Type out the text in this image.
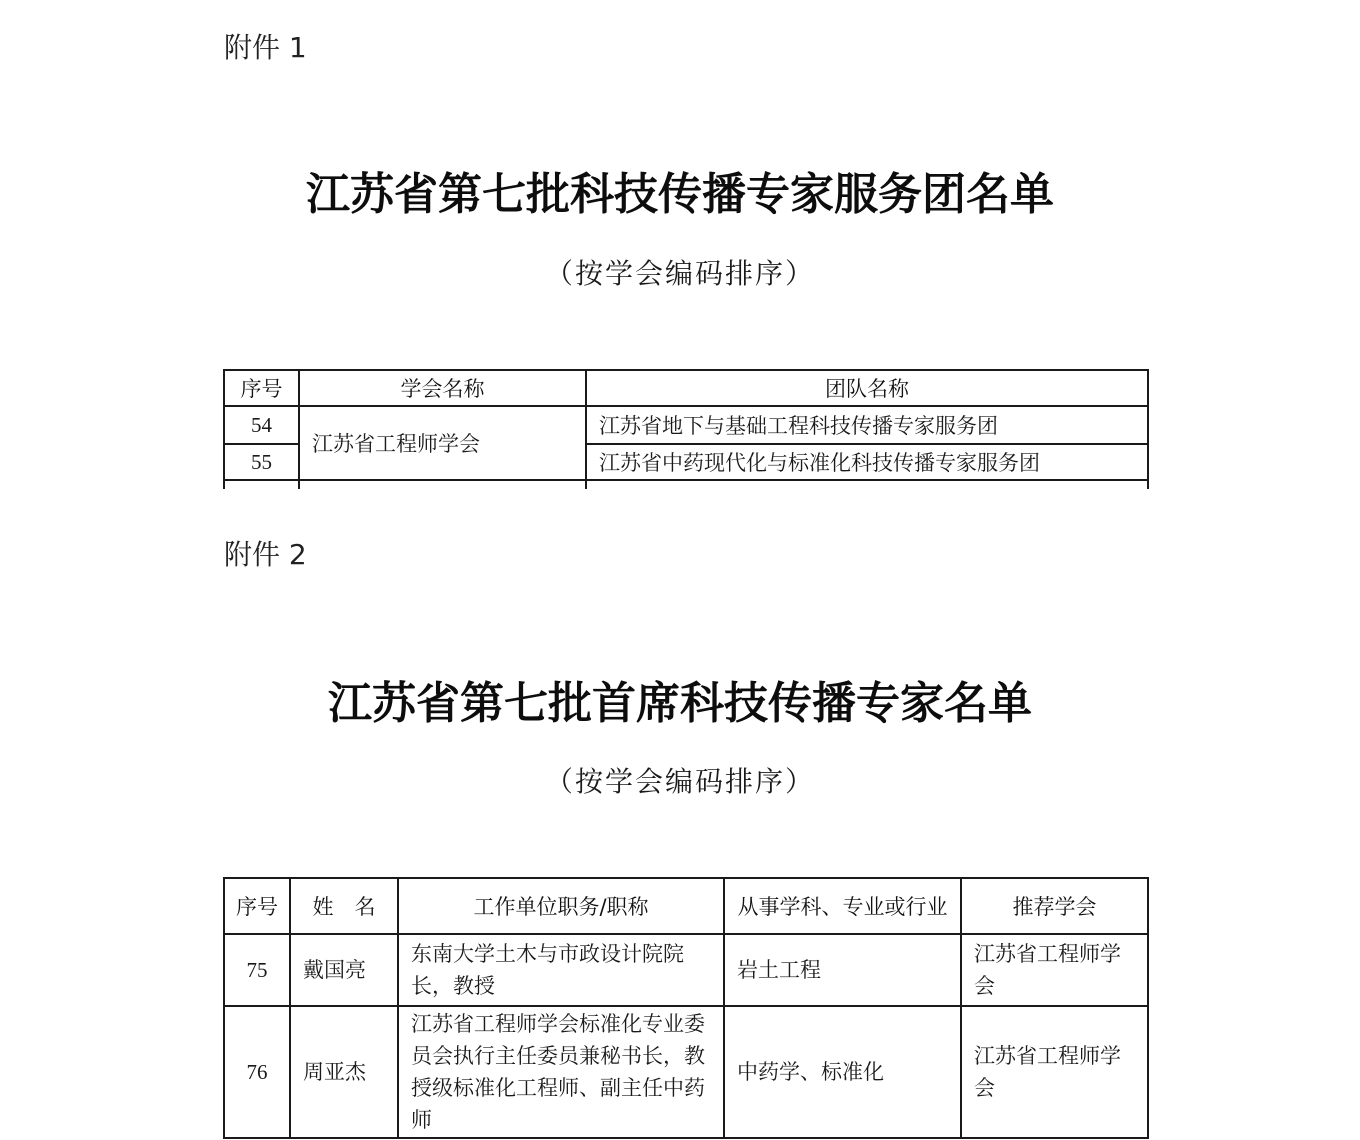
附件 1
江苏省第七批科技传播专家服务团名单
（按学会编码排序）
序号	学会名称	团队名称
54	江苏省工程师学会	江苏省地下与基础工程科技传播专家服务团
55		江苏省中药现代化与标准化科技传播专家服务团

附件 2
江苏省第七批首席科技传播专家名单
（按学会编码排序）
序号	姓　名	工作单位职务/职称	从事学科、专业或行业	推荐学会
75	戴国亮	东南大学土木与市政设计院院长，教授	岩土工程	江苏省工程师学会
76	周亚杰	江苏省工程师学会标准化专业委员会执行主任委员兼秘书长，教授级标准化工程师、副主任中药师	中药学、标准化	江苏省工程师学会
